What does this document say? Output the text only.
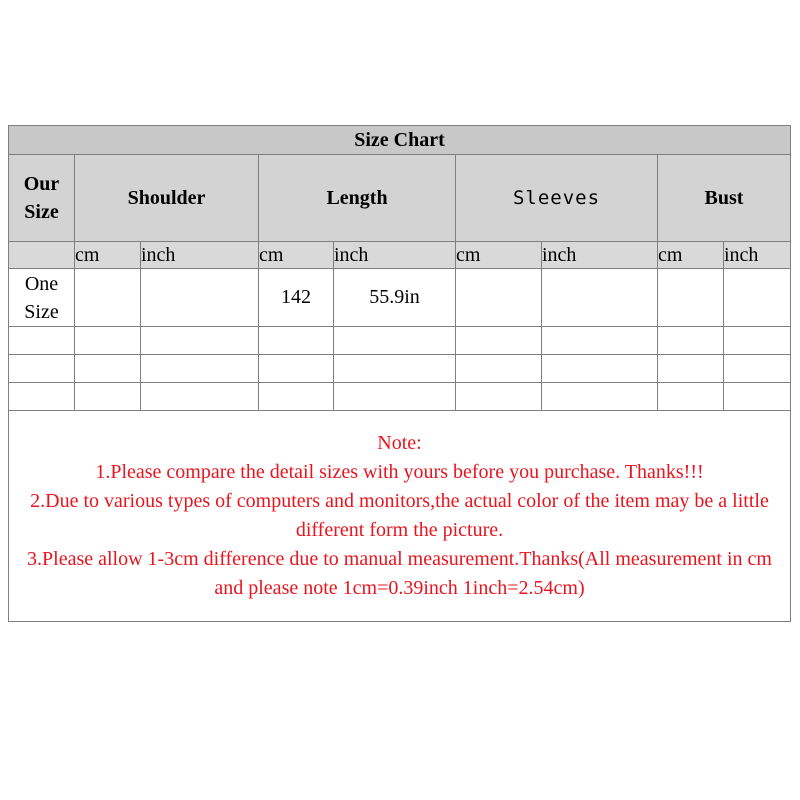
Size Chart								
Our Size	Shoulder		Length		Sleeves		Bust	
	cm	inch	cm	inch	cm	inch	cm	inch
One Size			142	55.9in				

Note:
1.Please compare the detail sizes with yours before you purchase. Thanks!!!
2.Due to various types of computers and monitors,the actual color of the item may be a little different form the picture.
3.Please allow 1-3cm difference due to manual measurement.Thanks(All measurement in cm and please note 1cm=0.39inch 1inch=2.54cm)								
